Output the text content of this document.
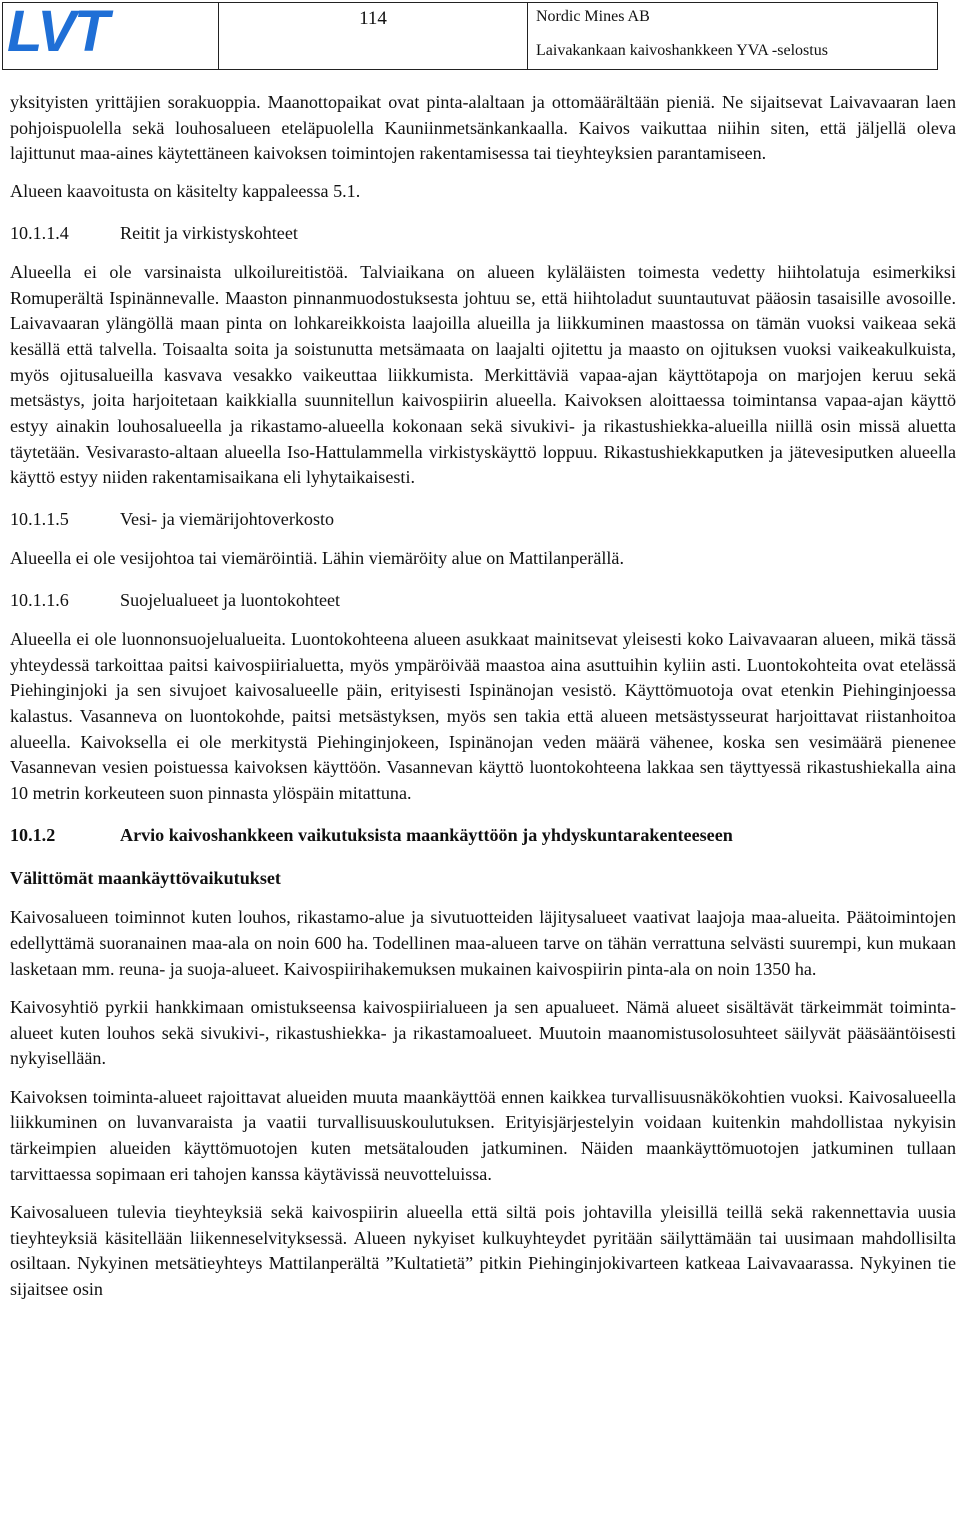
LVT	114	Nordic Mines AB
Laivakankaan kaivoshankkeen YVA -selostus

yksityisten yrittäjien sorakuoppia. Maanottopaikat ovat pinta-alaltaan ja ottomäärältään pieniä. Ne sijaitsevat Laivavaaran laen pohjoispuolella sekä louhosalueen eteläpuolella Kauniinmetsänkankaalla. Kaivos vaikuttaa niihin siten, että jäljellä oleva lajittunut maa-aines käytettäneen kaivoksen toimintojen rakentamisessa tai tieyhteyksien parantamiseen.

Alueen kaavoitusta on käsitelty kappaleessa 5.1.

10.1.1.4	Reitit ja virkistyskohteet

Alueella ei ole varsinaista ulkoilureitistöä. Talviaikana on alueen kyläläisten toimesta vedetty hiihtolatuja esimerkiksi Romuperältä Ispinännevalle. Maaston pinnanmuodostuksesta johtuu se, että hiihtoladut suuntautuvat pääosin tasaisille avosoille. Laivavaaran ylängöllä maan pinta on lohkareikkoista laajoilla alueilla ja liikkuminen maastossa on tämän vuoksi vaikeaa sekä kesällä että talvella. Toisaalta soita ja soistunutta metsämaata on laajalti ojitettu ja maasto on ojituksen vuoksi vaikeakulkuista, myös ojitusalueilla kasvava vesakko vaikeuttaa liikkumista. Merkittäviä vapaa-ajan käyttötapoja on marjojen keruu sekä metsästys, joita harjoitetaan kaikkialla suunnitellun kaivospiirin alueella. Kaivoksen aloittaessa toimintansa vapaa-ajan käyttö estyy ainakin louhosalueella ja rikastamo-alueella kokonaan sekä sivukivi- ja rikastushiekka-alueilla niillä osin missä aluetta täytetään. Vesivarasto-altaan alueella Iso-Hattulammella virkistyskäyttö loppuu. Rikastushiekkaputken ja jätevesiputken alueella käyttö estyy niiden rakentamisaikana eli lyhytaikaisesti.

10.1.1.5	Vesi- ja viemärijohtoverkosto

Alueella ei ole vesijohtoa tai viemäröintiä. Lähin viemäröity alue on Mattilanperällä.

10.1.1.6	Suojelualueet ja luontokohteet

Alueella ei ole luonnonsuojelualueita. Luontokohteena alueen asukkaat mainitsevat yleisesti koko Laivavaaran alueen, mikä tässä yhteydessä tarkoittaa paitsi kaivospiirialuetta, myös ympäröivää maastoa aina asuttuihin kyliin asti. Luontokohteita ovat etelässä Piehinginjoki ja sen sivujoet kaivosalueelle päin, erityisesti Ispinänojan vesistö. Käyttömuotoja ovat etenkin Piehinginjoessa kalastus. Vasanneva on luontokohde, paitsi metsästyksen, myös sen takia että alueen metsästysseurat harjoittavat riistanhoitoa alueella. Kaivoksella ei ole merkitystä Piehinginjokeen, Ispinänojan veden määrä vähenee, koska sen vesimäärä pienenee Vasannevan vesien poistuessa kaivoksen käyttöön. Vasannevan käyttö luontokohteena lakkaa sen täyttyessä rikastushiekalla aina 10 metrin korkeuteen suon pinnasta ylöspäin mitattuna.

10.1.2	Arvio kaivoshankkeen vaikutuksista maankäyttöön ja yhdyskuntarakenteeseen
Välittömät maankäyttövaikutukset

Kaivosalueen toiminnot kuten louhos, rikastamo-alue ja sivutuotteiden läjitysalueet vaativat laajoja maa-alueita. Päätoimintojen edellyttämä suoranainen maa-ala on noin 600 ha. Todellinen maa-alueen tarve on tähän verrattuna selvästi suurempi, kun mukaan lasketaan mm. reuna- ja suoja-alueet. Kaivospiirihakemuksen mukainen kaivospiirin pinta-ala on noin 1350 ha.

Kaivosyhtiö pyrkii hankkimaan omistukseensa kaivospiirialueen ja sen apualueet. Nämä alueet sisältävät tärkeimmät toiminta-alueet kuten louhos sekä sivukivi-, rikastushiekka- ja rikastamoalueet. Muutoin maanomistusolosuhteet säilyvät pääsääntöisesti nykyisellään.

Kaivoksen toiminta-alueet rajoittavat alueiden muuta maankäyttöä ennen kaikkea turvallisuusnäkökohtien vuoksi. Kaivosalueella liikkuminen on luvanvaraista ja vaatii turvallisuuskoulutuksen. Erityisjärjestelyin voidaan kuitenkin mahdollistaa nykyisin tärkeimpien alueiden käyttömuotojen kuten metsätalouden jatkuminen. Näiden maankäyttömuotojen jatkuminen tullaan tarvittaessa sopimaan eri tahojen kanssa käytävissä neuvotteluissa.

Kaivosalueen tulevia tieyhteyksiä sekä kaivospiirin alueella että siltä pois johtavilla yleisillä teillä sekä rakennettavia uusia tieyhteyksiä käsitellään liikenneselvityksessä. Alueen nykyiset kulkuyhteydet pyritään säilyttämään tai uusimaan mahdollisilta osiltaan. Nykyinen metsätieyhteys Mattilanperältä ”Kultatietä” pitkin Piehinginjokivarteen katkeaa Laivavaarassa. Nykyinen tie sijaitsee osin
